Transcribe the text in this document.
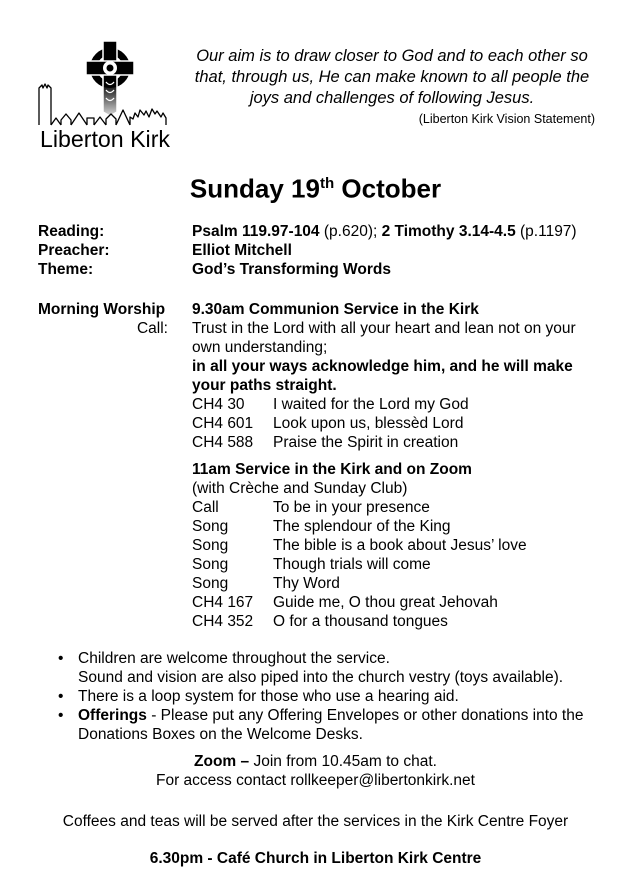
Liberton Kirk
Our aim is to draw closer to God and to each other so that, through us, He can make known to all people the joys and challenges of following Jesus.
(Liberton Kirk Vision Statement)
Sunday 19th October
Reading:	Psalm 119.97-104 (p.620); 2 Timothy 3.14-4.5 (p.1197)
Preacher:	Elliot Mitchell
Theme:	God’s Transforming Words
Morning Worship	9.30am Communion Service in the Kirk
Call:	Trust in the Lord with all your heart and lean not on your own understanding;
in all your ways acknowledge him, and he will make your paths straight.
CH4 30	I waited for the Lord my God
CH4 601	Look upon us, blessèd Lord
CH4 588	Praise the Spirit in creation
11am Service in the Kirk and on Zoom
(with Crèche and Sunday Club)
Call	To be in your presence
Song	The splendour of the King
Song	The bible is a book about Jesus’ love
Song	Though trials will come
Song	Thy Word
CH4 167	Guide me, O thou great Jehovah
CH4 352	O for a thousand tongues
• Children are welcome throughout the service.
Sound and vision are also piped into the church vestry (toys available).
• There is a loop system for those who use a hearing aid.
• Offerings - Please put any Offering Envelopes or other donations into the Donations Boxes on the Welcome Desks.

Zoom – Join from 10.45am to chat.

For access contact rollkeeper@libertonkirk.net

Coffees and teas will be served after the services in the Kirk Centre Foyer

6.30pm - Café Church in Liberton Kirk Centre
